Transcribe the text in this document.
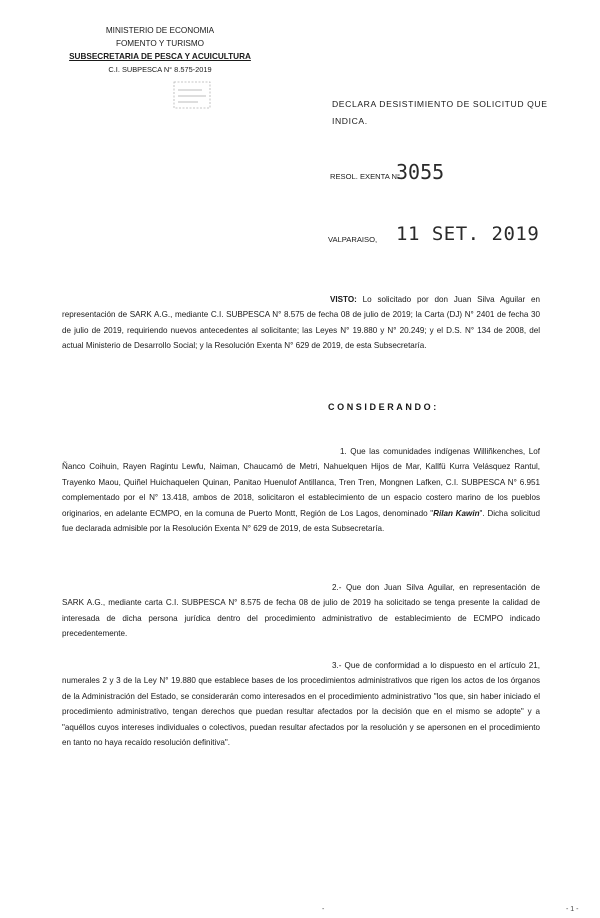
MINISTERIO DE ECONOMIA
FOMENTO Y TURISMO
SUBSECRETARIA DE PESCA Y ACUICULTURA
C.I. SUBPESCA N° 8.575-2019
DECLARA DESISTIMIENTO DE SOLICITUD QUE INDICA.
RESOL. EXENTA N°
3055
VALPARAISO, 11 SET. 2019
VISTO: Lo solicitado por don Juan Silva Aguilar en representación de SARK A.G., mediante C.I. SUBPESCA N° 8.575 de fecha 08 de julio de 2019; la Carta (DJ) N° 2401 de fecha 30 de julio de 2019, requiriendo nuevos antecedentes al solicitante; las Leyes N° 19.880 y N° 20.249; y el D.S. N° 134 de 2008, del actual Ministerio de Desarrollo Social; y la Resolución Exenta N° 629 de 2019, de esta Subsecretaría.
CONSIDERANDO:
1. Que las comunidades indígenas Williñkenches, Lof Ñanco Coihuin, Rayen Ragintu Lewfu, Naiman, Chaucamó de Metri, Nahuelquen Hijos de Mar, Kallfü Kurra Velásquez Rantul, Trayenko Maou, Quiñel Huichaquelen Quinan, Panitao Huenulof Antillanca, Tren Tren, Mongnen Lafken, C.I. SUBPESCA N° 6.951 complementado por el N° 13.418, ambos de 2018, solicitaron el establecimiento de un espacio costero marino de los pueblos originarios, en adelante ECMPO, en la comuna de Puerto Montt, Región de Los Lagos, denominado "Rilan Kawin". Dicha solicitud fue declarada admisible por la Resolución Exenta N° 629 de 2019, de esta Subsecretaría.
2.- Que don Juan Silva Aguilar, en representación de SARK A.G., mediante carta C.I. SUBPESCA N° 8.575 de fecha 08 de julio de 2019 ha solicitado se tenga presente la calidad de interesada de dicha persona jurídica dentro del procedimiento administrativo de establecimiento de ECMPO indicado precedentemente.
3.- Que de conformidad a lo dispuesto en el artículo 21, numerales 2 y 3 de la Ley N° 19.880 que establece bases de los procedimientos administrativos que rigen los actos de los órganos de la Administración del Estado, se considerarán como interesados en el procedimiento administrativo "los que, sin haber iniciado el procedimiento administrativo, tengan derechos que puedan resultar afectados por la decisión que en el mismo se adopte" y a "aquéllos cuyos intereses individuales o colectivos, puedan resultar afectados por la resolución y se apersonen en el procedimiento en tanto no haya recaído resolución definitiva".
-	- 1 -
